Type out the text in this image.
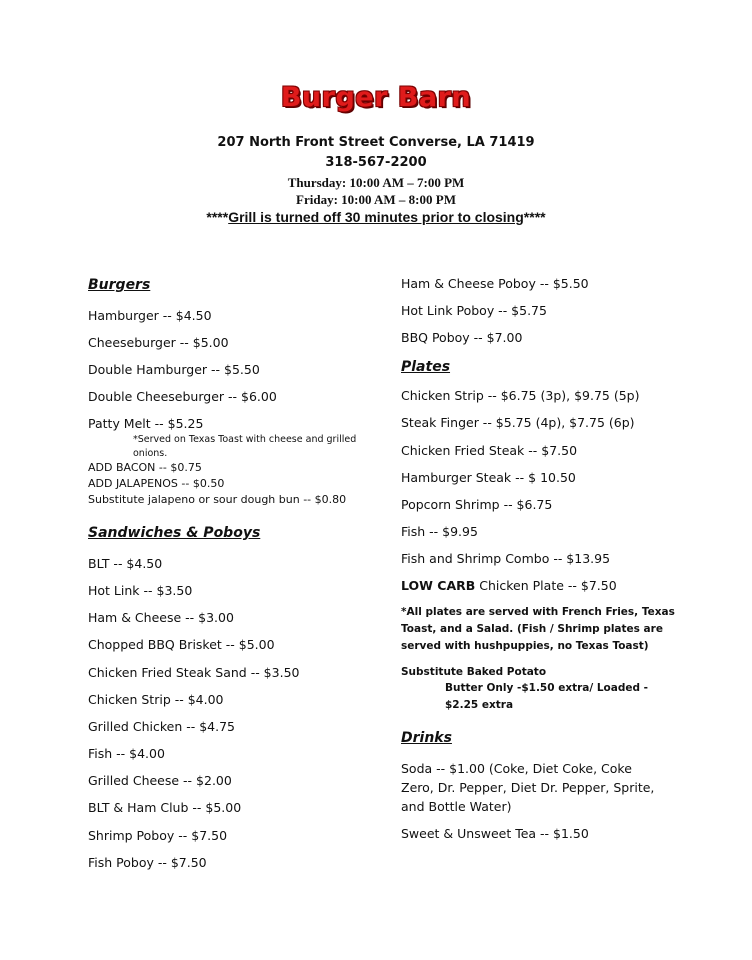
Burger Barn
207 North Front Street Converse, LA 71419
318-567-2200
Thursday: 10:00 AM – 7:00 PM
Friday: 10:00 AM – 8:00 PM
****Grill is turned off 30 minutes prior to closing****
Burgers
Hamburger -- $4.50
Cheeseburger -- $5.00
Double Hamburger -- $5.50
Double Cheeseburger -- $6.00
Patty Melt -- $5.25
*Served on Texas Toast with cheese and grilled onions.
ADD BACON -- $0.75
ADD JALAPENOS -- $0.50
Substitute jalapeno or sour dough bun -- $0.80
Sandwiches & Poboys
BLT -- $4.50
Hot Link -- $3.50
Ham & Cheese -- $3.00
Chopped BBQ Brisket -- $5.00
Chicken Fried Steak Sand -- $3.50
Chicken Strip -- $4.00
Grilled Chicken -- $4.75
Fish -- $4.00
Grilled Cheese -- $2.00
BLT & Ham Club -- $5.00
Shrimp Poboy -- $7.50
Fish Poboy -- $7.50
Ham & Cheese Poboy -- $5.50
Hot Link Poboy -- $5.75
BBQ Poboy -- $7.00
Plates
Chicken Strip -- $6.75 (3p), $9.75 (5p)
Steak Finger -- $5.75 (4p), $7.75 (6p)
Chicken Fried Steak -- $7.50
Hamburger Steak -- $ 10.50
Popcorn Shrimp -- $6.75
Fish -- $9.95
Fish and Shrimp Combo -- $13.95
LOW CARB Chicken Plate -- $7.50
*All plates are served with French Fries, Texas Toast, and a Salad. (Fish / Shrimp plates are served with hushpuppies, no Texas Toast)
Substitute Baked Potato
Butter Only -$1.50 extra/ Loaded - $2.25 extra
Drinks
Soda -- $1.00 (Coke, Diet Coke, Coke Zero, Dr. Pepper, Diet Dr. Pepper, Sprite, and Bottle Water)
Sweet & Unsweet Tea -- $1.50
